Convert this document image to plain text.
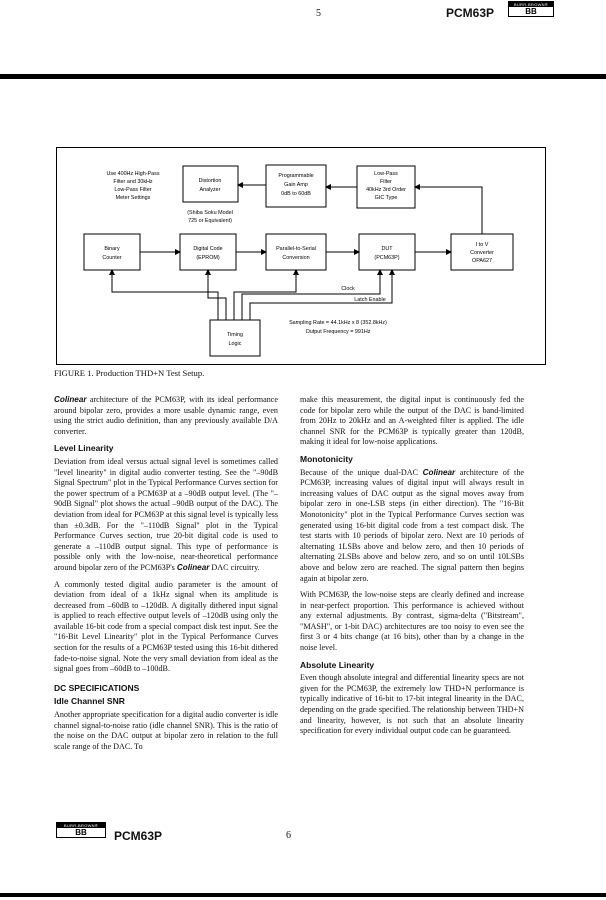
5	PCM63P
BURR-BROWN®
BB
Use 400Hz High-Pass
Filter and 30kHz
Low-Pass Filter
Meter Settings
Distortion
Analyzer
(Shiba Soku Model
725 or Equivalent)
Programmable
Gain Amp
0dB to 60dB
Low-Pass
Filter
40kHz 3rd Order
GIC Type
Binary
Counter
Digital Code
(EPROM)
Parallel-to-Serial
Conversion
DUT
(PCM63P)
I to V
Converter
OPA627
Clock
Latch Enable
Timing
Logic
Sampling Rate = 44.1kHz x 8 (352.8kHz)
Output Frequency = 991Hz
FIGURE 1. Production THD+N Test Setup.

Colinear architecture of the PCM63P, with its ideal performance around bipolar zero, provides a more usable dynamic range, even using the strict audio definition, than any previously available D/A converter.

Level Linearity

Deviation from ideal versus actual signal level is sometimes called "level linearity" in digital audio converter testing. See the "–90dB Signal Spectrum" plot in the Typical Performance Curves section for the power spectrum of a PCM63P at a –90dB output level. (The "–90dB Signal" plot shows the actual –90dB output of the DAC). The deviation from ideal for PCM63P at this signal level is typically less than ±0.3dB. For the "–110dB Signal" plot in the Typical Performance Curves section, true 20-bit digital code is used to generate a –110dB output signal. This type of performance is possible only with the low-noise, near-theoretical performance around bipolar zero of the PCM63P's Colinear DAC circuitry.

A commonly tested digital audio parameter is the amount of deviation from ideal of a 1kHz signal when its amplitude is decreased from –60dB to –120dB. A digitally dithered input signal is applied to reach effective output levels of –120dB using only the available 16-bit code from a special compact disk test input. See the "16-Bit Level Linearity" plot in the Typical Performance Curves section for the results of a PCM63P tested using this 16-bit dithered fade-to-noise signal. Note the very small deviation from ideal as the signal goes from –60dB to –100dB.

DC SPECIFICATIONS
Idle Channel SNR

Another appropriate specification for a digital audio converter is idle channel signal-to-noise ratio (idle channel SNR). This is the ratio of the noise on the DAC output at bipolar zero in relation to the full scale range of the DAC. To

make this measurement, the digital input is continuously fed the code for bipolar zero while the output of the DAC is band-limited from 20Hz to 20kHz and an A-weighted filter is applied. The idle channel SNR for the PCM63P is typically greater than 120dB, making it ideal for low-noise applications.

Monotonicity

Because of the unique dual-DAC Colinear architecture of the PCM63P, increasing values of digital input will always result in increasing values of DAC output as the signal moves away from bipolar zero in one-LSB steps (in either direction). The "16-Bit Monotonicity" plot in the Typical Performance Curves section was generated using 16-bit digital code from a test compact disk. The test starts with 10 periods of bipolar zero. Next are 10 periods of alternating 1LSBs above and below zero, and then 10 periods of alternating 2LSBs above and below zero, and so on until 10LSBs above and below zero are reached. The signal pattern then begins again at bipolar zero.

With PCM63P, the low-noise steps are clearly defined and increase in near-perfect proportion. This performance is achieved without any external adjustments. By contrast, sigma-delta ("Bitstream", "MASH", or 1-bit DAC) architectures are too noisy to even see the first 3 or 4 bits change (at 16 bits), other than by a change in the noise level.

Absolute Linearity

Even though absolute integral and differential linearity specs are not given for the PCM63P, the extremely low THD+N performance is typically indicative of 16-bit to 17-bit integral linearity in the DAC, depending on the grade specified. The relationship between THD+N and linearity, however, is not such that an absolute linearity specification for every individual output code can be guaranteed.

BURR-BROWN®
BB	PCM63P	6
